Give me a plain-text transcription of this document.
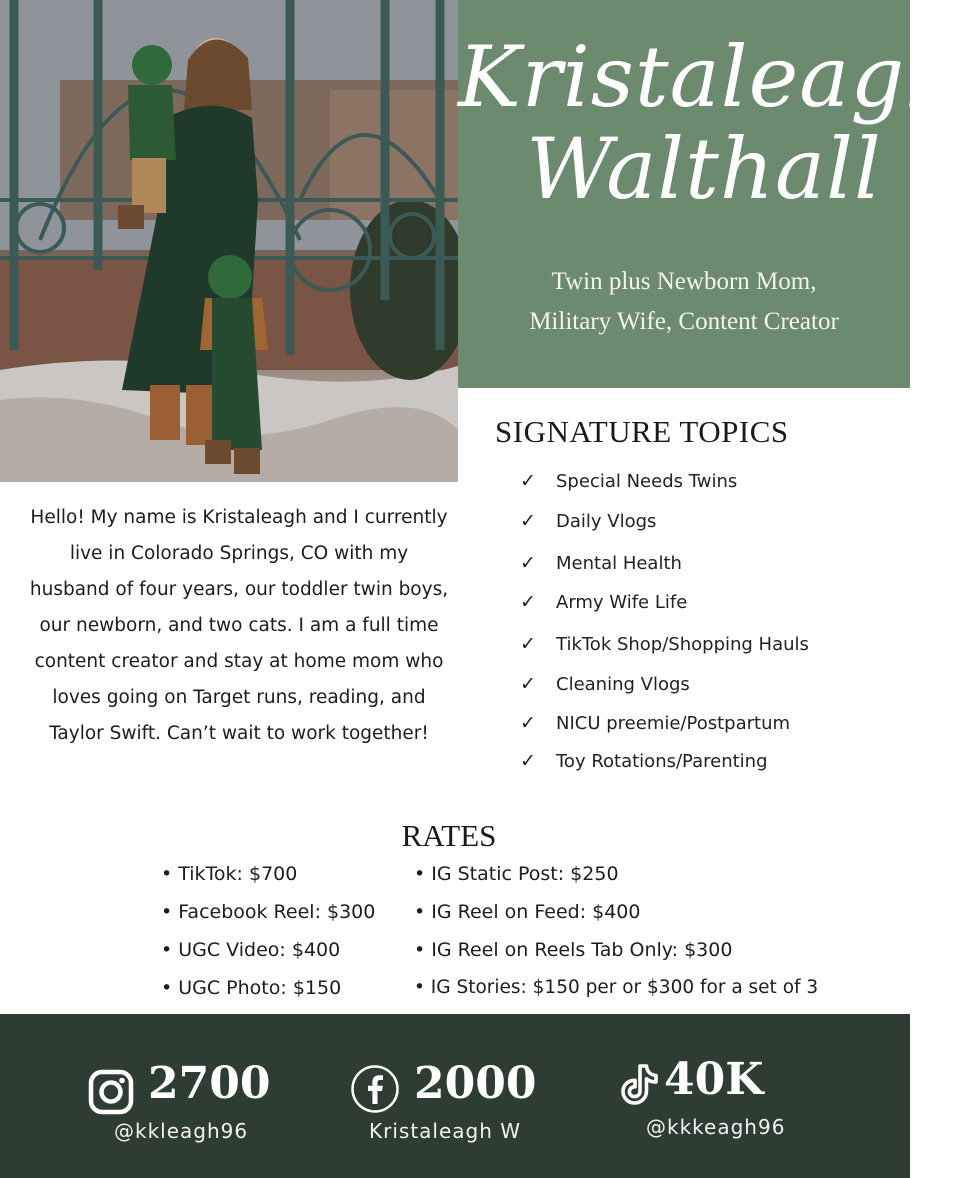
Kristaleagh
Walthall
Twin plus Newborn Mom,
Military Wife, Content Creator
Hello! My name is Kristaleagh and I currently
live in Colorado Springs, CO with my
husband of four years, our toddler twin boys,
our newborn, and two cats. I am a full time
content creator and stay at home mom who
loves going on Target runs, reading, and
Taylor Swift. Can’t wait to work together!
SIGNATURE TOPICS
✓	Special Needs Twins
✓	Daily Vlogs
✓	Mental Health
✓	Army Wife Life
✓	TikTok Shop/Shopping Hauls
✓	Cleaning Vlogs
✓	NICU preemie/Postpartum
✓	Toy Rotations/Parenting
RATES
• TikTok: $700
• Facebook Reel: $300
• UGC Video: $400
• UGC Photo: $150
• IG Static Post: $250
• IG Reel on Feed: $400
• IG Reel on Reels Tab Only: $300
• IG Stories: $150 per or $300 for a set of 3
2700
@kkleagh96
2000
Kristaleagh W
40K
@kkkeagh96
